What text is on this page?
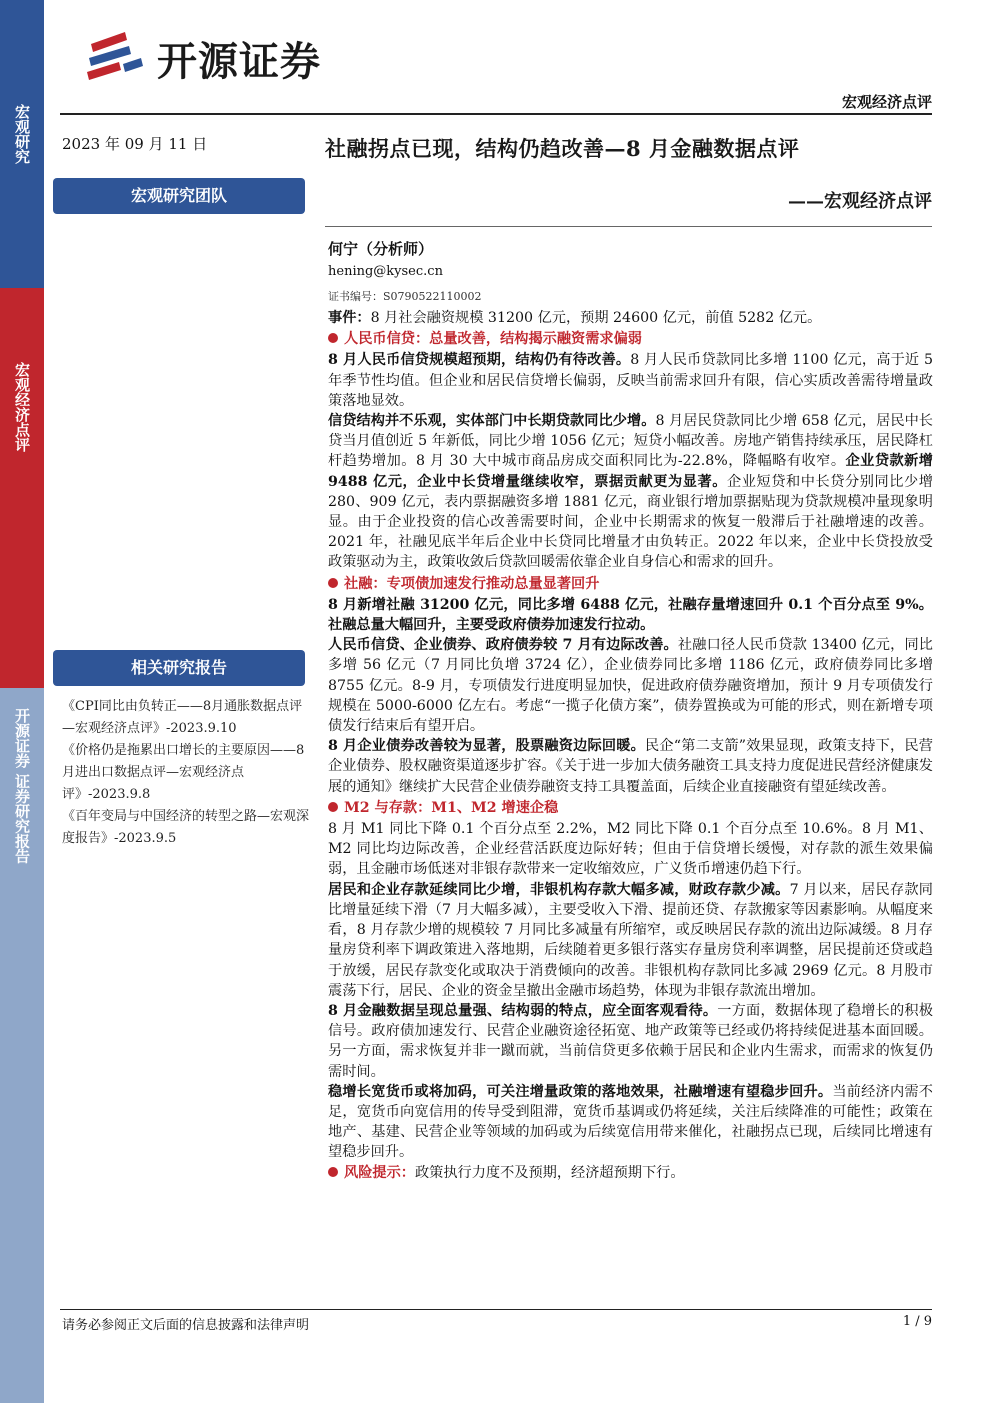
宏观研究
宏观经济点评
开源证券 证券研究报告
开源证券
宏观经济点评
2023 年 09 月 11 日
宏观研究团队
相关研究报告
《CPI同比由负转正——8月通胀数据点评—宏观经济点评》-2023.9.10
《价格仍是拖累出口增长的主要原因——8 月进出口数据点评—宏观经济点评》-2023.9.8
《百年变局与中国经济的转型之路—宏观深度报告》-2023.9.5
社融拐点已现，结构仍趋改善—8 月金融数据点评
——宏观经济点评
何宁（分析师）
hening@kysec.cn
证书编号：S0790522110002

事件：8 月社会融资规模 31200 亿元，预期 24600 亿元，前值 5282 亿元。

人民币信贷：总量改善，结构揭示融资需求偏弱

8 月人民币信贷规模超预期，结构仍有待改善。8 月人民币贷款同比多增 1100 亿元，高于近 5 年季节性均值。但企业和居民信贷增长偏弱，反映当前需求回升有限，信心实质改善需待增量政策落地显效。

信贷结构并不乐观，实体部门中长期贷款同比少增。8 月居民贷款同比少增 658 亿元，居民中长贷当月值创近 5 年新低，同比少增 1056 亿元；短贷小幅改善。房地产销售持续承压，居民降杠杆趋势增加。8 月 30 大中城市商品房成交面积同比为-22.8%，降幅略有收窄。企业贷款新增 9488 亿元，企业中长贷增量继续收窄，票据贡献更为显著。企业短贷和中长贷分别同比少增 280、909 亿元，表内票据融资多增 1881 亿元，商业银行增加票据贴现为贷款规模冲量现象明显。由于企业投资的信心改善需要时间，企业中长期需求的恢复一般滞后于社融增速的改善。2021 年，社融见底半年后企业中长贷同比增量才由负转正。2022 年以来，企业中长贷投放受政策驱动为主，政策收敛后贷款回暖需依靠企业自身信心和需求的回升。

社融：专项债加速发行推动总量显著回升

8 月新增社融 31200 亿元，同比多增 6488 亿元，社融存量增速回升 0.1 个百分点至 9%。社融总量大幅回升，主要受政府债券加速发行拉动。

人民币信贷、企业债券、政府债券较 7 月有边际改善。社融口径人民币贷款 13400 亿元，同比多增 56 亿元（7 月同比负增 3724 亿），企业债券同比多增 1186 亿元，政府债券同比多增 8755 亿元。8-9 月，专项债发行进度明显加快，促进政府债券融资增加，预计 9 月专项债发行规模在 5000-6000 亿左右。考虑“一揽子化债方案”，债券置换或为可能的形式，则在新增专项债发行结束后有望开启。

8 月企业债券改善较为显著，股票融资边际回暖。民企“第二支箭”效果显现，政策支持下，民营企业债券、股权融资渠道逐步扩容。《关于进一步加大债务融资工具支持力度促进民营经济健康发展的通知》继续扩大民营企业债券融资支持工具覆盖面，后续企业直接融资有望延续改善。

M2 与存款：M1、M2 增速企稳

8 月 M1 同比下降 0.1 个百分点至 2.2%，M2 同比下降 0.1 个百分点至 10.6%。8 月 M1、M2 同比均边际改善，企业经营活跃度边际好转；但由于信贷增长缓慢，对存款的派生效果偏弱，且金融市场低迷对非银存款带来一定收缩效应，广义货币增速仍趋下行。

居民和企业存款延续同比少增，非银机构存款大幅多减，财政存款少减。7 月以来，居民存款同比增量延续下滑（7 月大幅多减），主要受收入下滑、提前还贷、存款搬家等因素影响。从幅度来看，8 月存款少增的规模较 7 月同比多减量有所缩窄，或反映居民存款的流出边际减缓。8 月存量房贷利率下调政策进入落地期，后续随着更多银行落实存量房贷利率调整，居民提前还贷或趋于放缓，居民存款变化或取决于消费倾向的改善。非银机构存款同比多减 2969 亿元。8 月股市震荡下行，居民、企业的资金呈撤出金融市场趋势，体现为非银存款流出增加。

8 月金融数据呈现总量强、结构弱的特点，应全面客观看待。一方面，数据体现了稳增长的积极信号。政府债加速发行、民营企业融资途径拓宽、地产政策等已经或仍将持续促进基本面回暖。另一方面，需求恢复并非一蹴而就，当前信贷更多依赖于居民和企业内生需求，而需求的恢复仍需时间。

稳增长宽货币或将加码，可关注增量政策的落地效果，社融增速有望稳步回升。当前经济内需不足，宽货币向宽信用的传导受到阻滞，宽货币基调或仍将延续，关注后续降准的可能性；政策在地产、基建、民营企业等领域的加码或为后续宽信用带来催化，社融拐点已现，后续同比增速有望稳步回升。

风险提示：政策执行力度不及预期，经济超预期下行。

请务必参阅正文后面的信息披露和法律声明	1 / 9
